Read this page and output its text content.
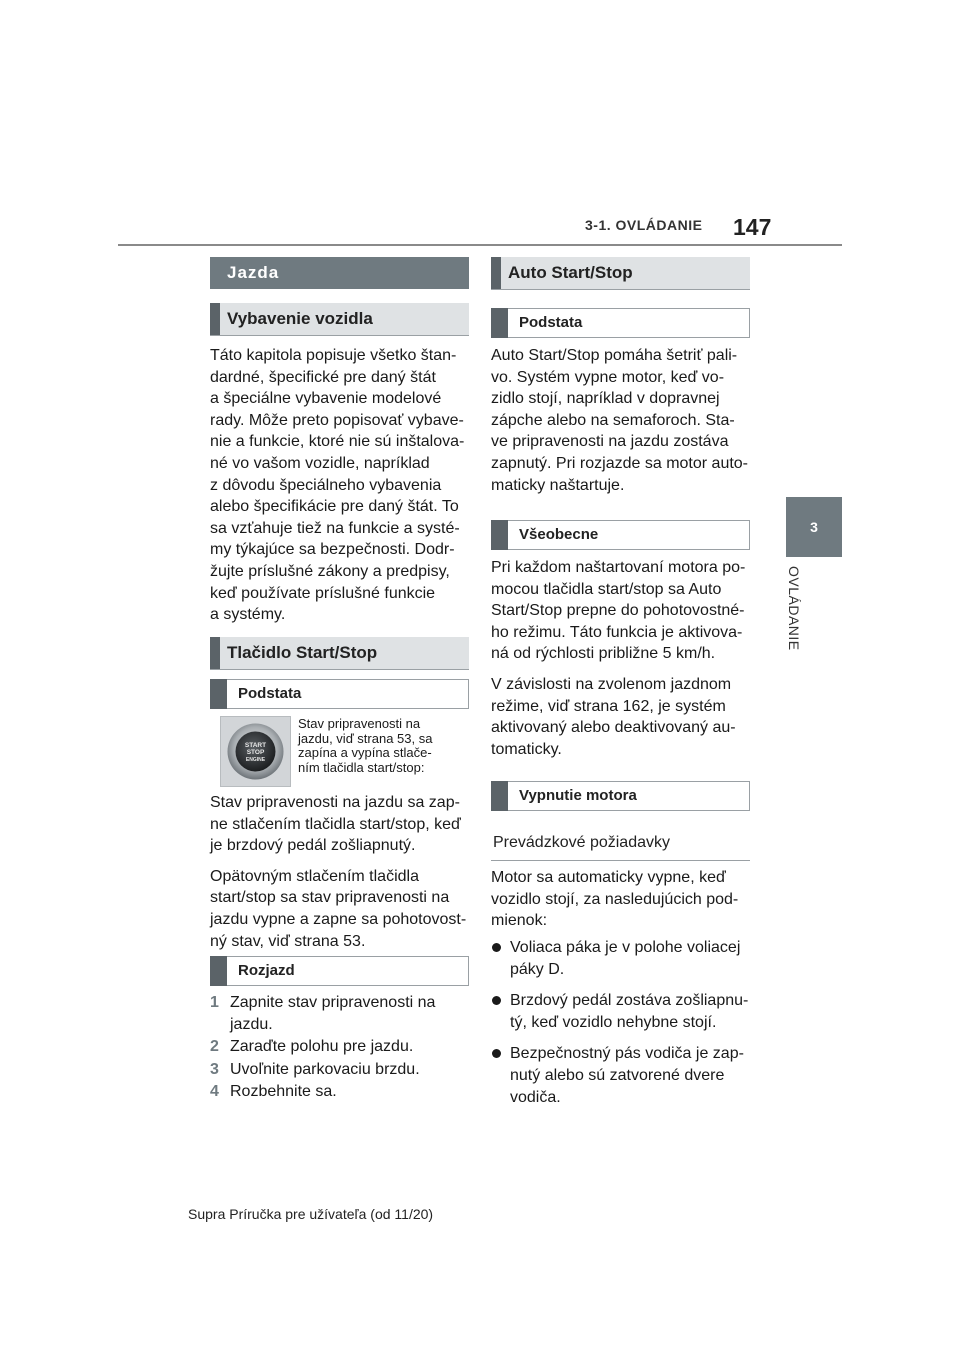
3-1. OVLÁDANIE 147
3
OVLÁDANIE
Jazda
Vybavenie vozidla
Táto kapitola popisuje všetko štan-
dardné, špecifické pre daný štát
a špeciálne vybavenie modelové
rady. Môže preto popisovať vybave-
nie a funkcie, ktoré nie sú inštalova-
né vo vašom vozidle, napríklad
z dôvodu špeciálneho vybavenia
alebo špecifikácie pre daný štát. To
sa vzťahuje tiež na funkcie a systé-
my týkajúce sa bezpečnosti. Dodr-
žujte príslušné zákony a predpisy,
keď používate príslušné funkcie
a systémy.
Tlačidlo Start/Stop
Podstata
START
STOP
ENGINE
Stav pripravenosti na
jazdu, viď strana 53, sa
zapína a vypína stlače-
ním tlačidla start/stop:

Stav pripravenosti na jazdu sa zap-
ne stlačením tlačidla start/stop, keď
je brzdový pedál zošliapnutý.

Opätovným stlačením tlačidla
start/stop sa stav pripravenosti na
jazdu vypne a zapne sa pohotovost-
ný stav, viď strana 53.

Rozjazd
1 Zapnite stav pripravenosti na
jazdu.
2 Zaraďte polohu pre jazdu.
3 Uvoľnite parkovaciu brzdu.
4 Rozbehnite sa.
Auto Start/Stop
Podstata
Auto Start/Stop pomáha šetriť pali-
vo. Systém vypne motor, keď vo-
zidlo stojí, napríklad v dopravnej
zápche alebo na semaforoch. Sta-
ve pripravenosti na jazdu zostáva
zapnutý. Pri rozjazde sa motor auto-
maticky naštartuje.
Všeobecne

Pri každom naštartovaní motora po-
mocou tlačidla start/stop sa Auto
Start/Stop prepne do pohotovostné-
ho režimu. Táto funkcia je aktivova-
ná od rýchlosti približne 5 km/h.

V závislosti na zvolenom jazdnom
režime, viď strana 162, je systém
aktivovaný alebo deaktivovaný au-
tomaticky.

Vypnutie motora
Prevádzkové požiadavky
Motor sa automaticky vypne, keď
vozidlo stojí, za nasledujúcich pod-
mienok:
Voliaca páka je v polohe voliacej
páky D.
Brzdový pedál zostáva zošliapnu-
tý, keď vozidlo nehybne stojí.
Bezpečnostný pás vodiča je zap-
nutý alebo sú zatvorené dvere
vodiča.
Supra Príručka pre užívateľa (od 11/20)
